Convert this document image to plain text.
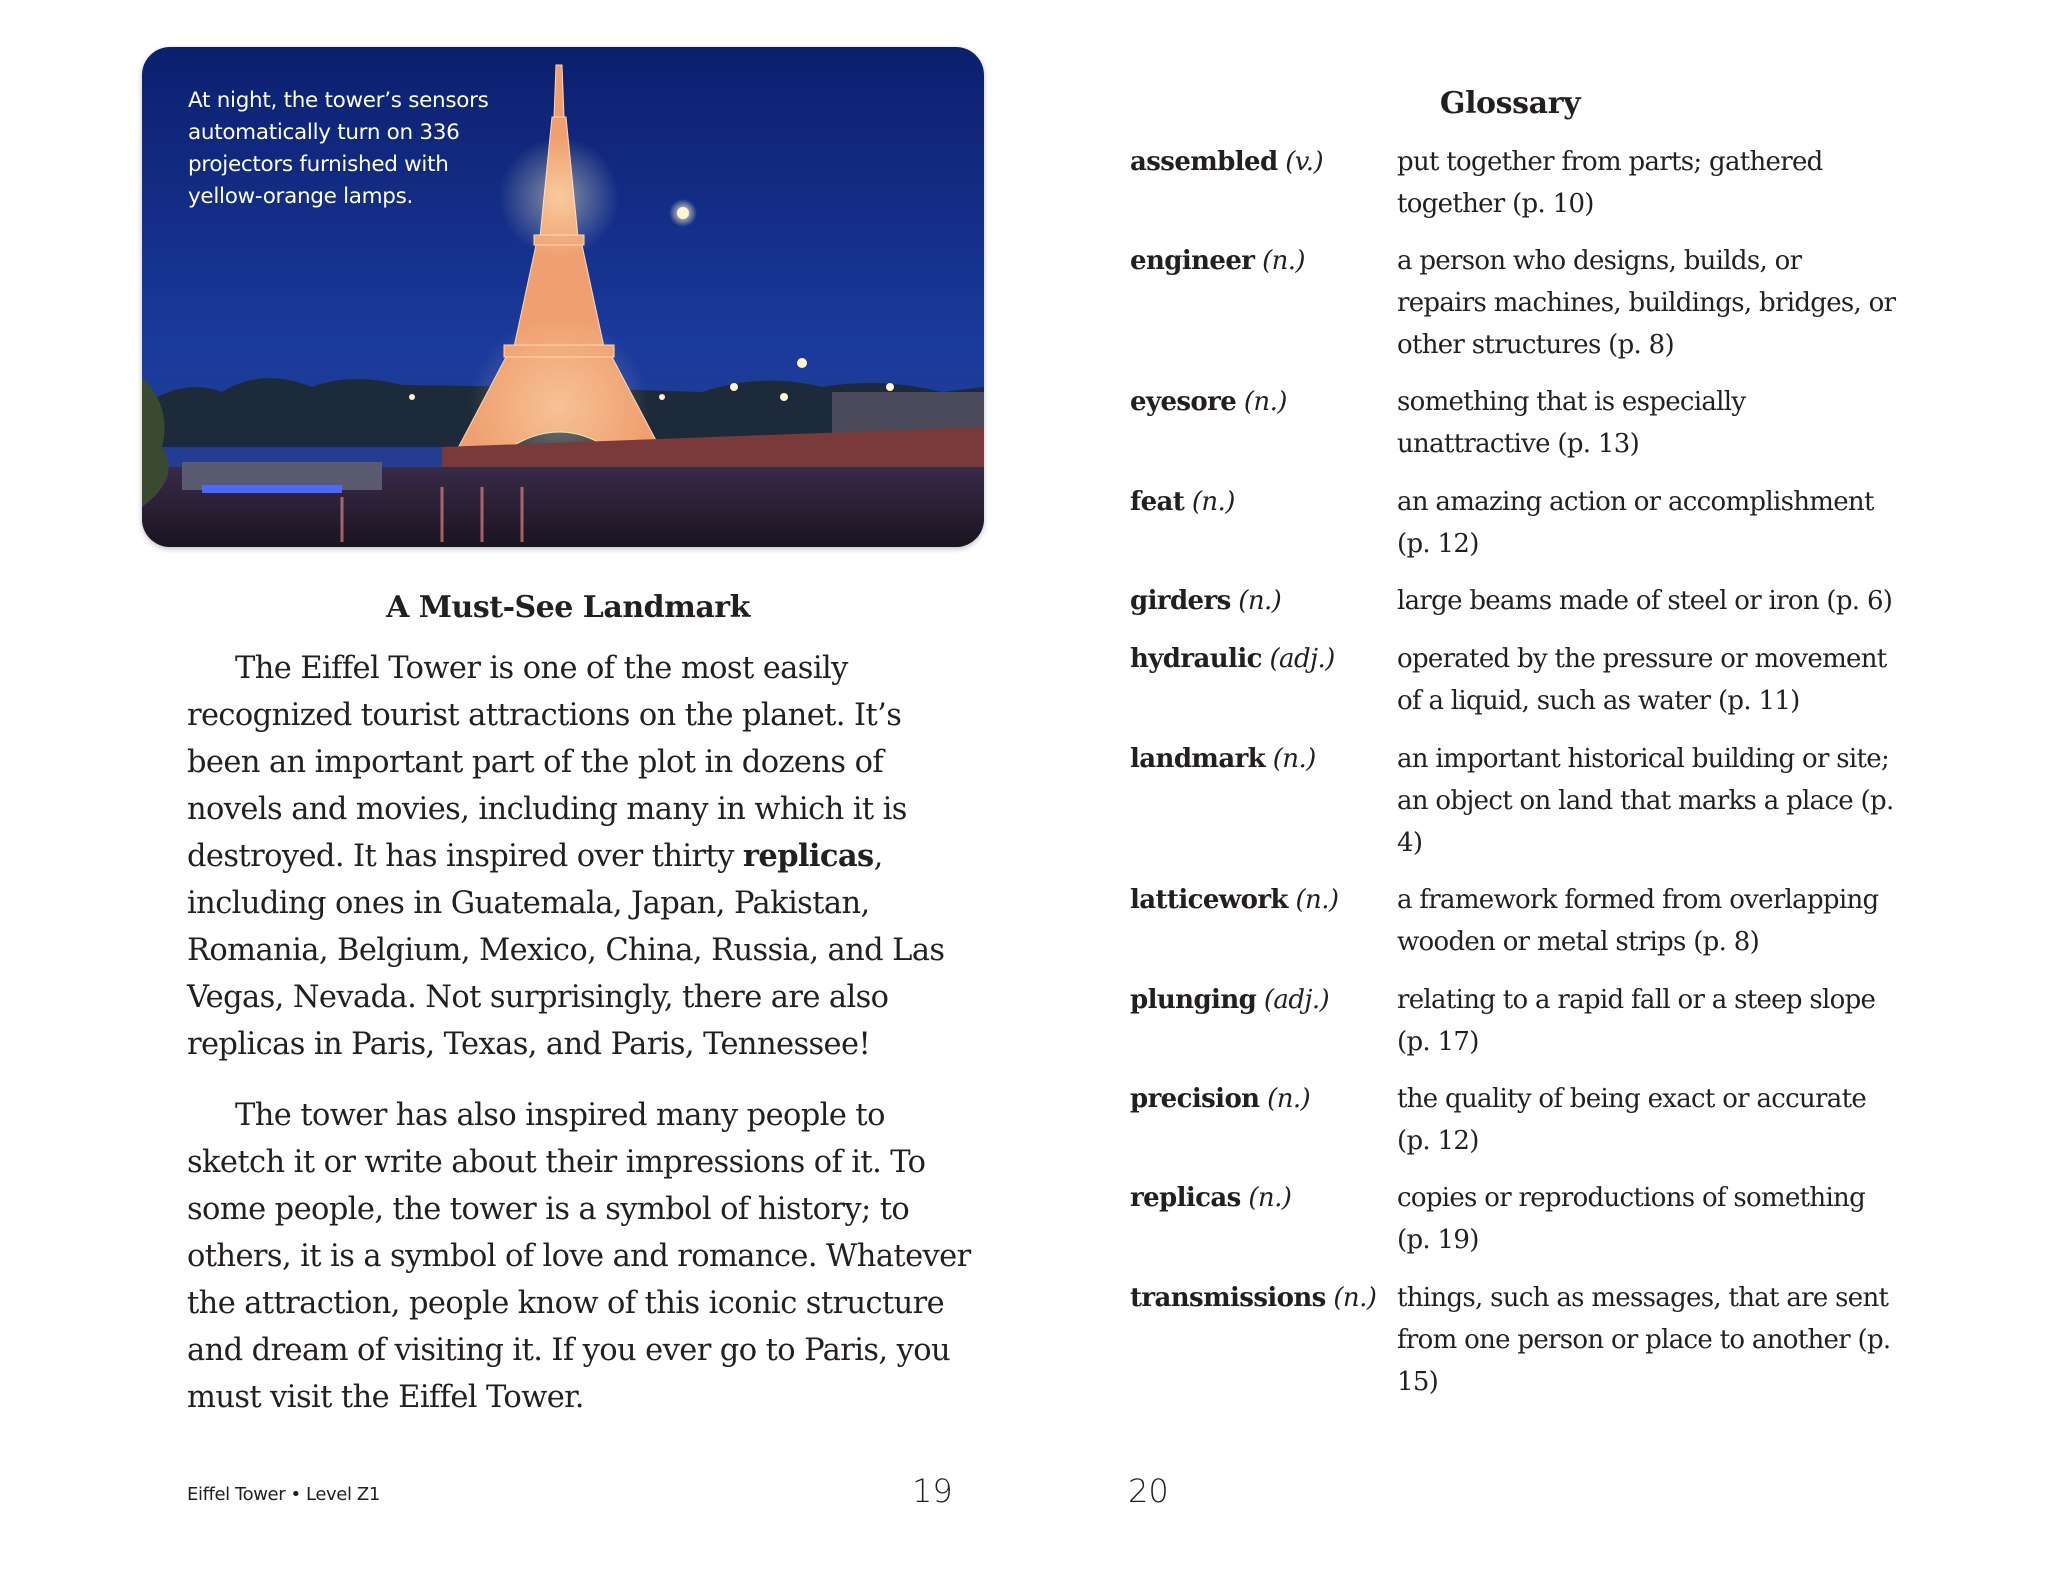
At night, the tower’s sensors automatically turn on 336 projectors furnished with yellow-orange lamps.
A Must-See Landmark

The Eiffel Tower is one of the most easily recognized tourist attractions on the planet. It’s been an important part of the plot in dozens of novels and movies, including many in which it is destroyed. It has inspired over thirty replicas, including ones in Guatemala, Japan, Pakistan, Romania, Belgium, Mexico, China, Russia, and Las Vegas, Nevada. Not surprisingly, there are also replicas in Paris, Texas, and Paris, Tennessee!

The tower has also inspired many people to sketch it or write about their impressions of it. To some people, the tower is a symbol of history; to others, it is a symbol of love and romance. Whatever the attraction, people know of this iconic structure and dream of visiting it. If you ever go to Paris, you must visit the Eiffel Tower.

Eiffel Tower • Level Z1	19
Glossary
assembled (v.)	put together from parts; gathered together (p. 10)
engineer (n.)	a person who designs, builds, or repairs machines, buildings, bridges, or other structures (p. 8)
eyesore (n.)	something that is especially unattractive (p. 13)
feat (n.)	an amazing action or accomplishment (p. 12)
girders (n.)	large beams made of steel or iron (p. 6)
hydraulic (adj.)	operated by the pressure or movement of a liquid, such as water (p. 11)
landmark (n.)	an important historical building or site; an object on land that marks a place (p. 4)
latticework (n.)	a framework formed from overlapping wooden or metal strips (p. 8)
plunging (adj.)	relating to a rapid fall or a steep slope (p. 17)
precision (n.)	the quality of being exact or accurate (p. 12)
replicas (n.)	copies or reproductions of something (p. 19)
transmissions (n.) things, such as messages, that are sent from one person or place to another (p. 15)
20
